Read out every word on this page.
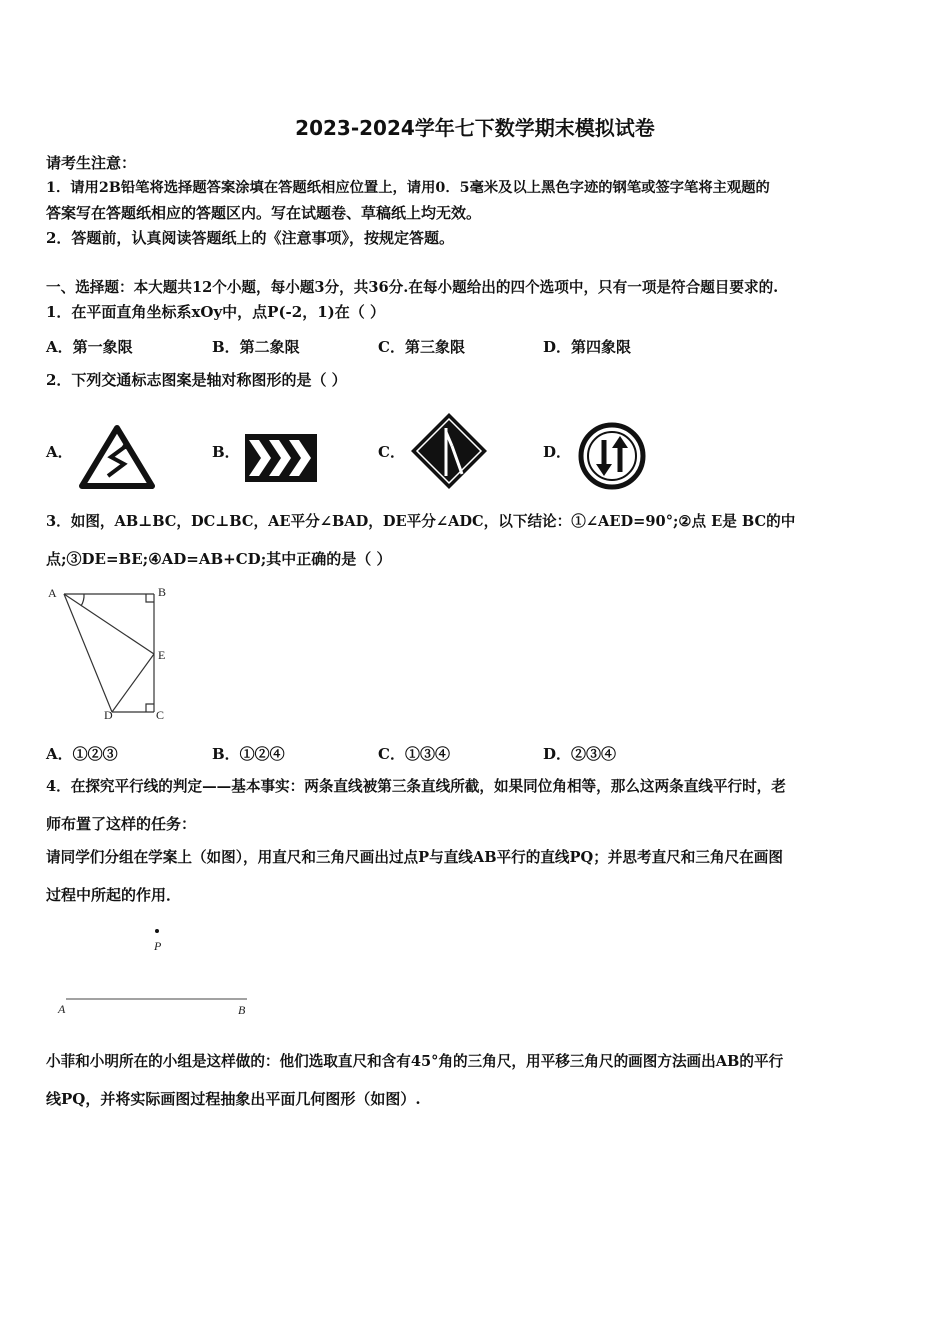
2023-2024学年七下数学期末模拟试卷
请考生注意：
1．请用2B铅笔将选择题答案涂填在答题纸相应位置上，请用0．5毫米及以上黑色字迹的钢笔或签字笔将主观题的
答案写在答题纸相应的答题区内。写在试题卷、草稿纸上均无效。
2．答题前，认真阅读答题纸上的《注意事项》，按规定答题。
一、选择题：本大题共12个小题，每小题3分，共36分.在每小题给出的四个选项中，只有一项是符合题目要求的.
1．在平面直角坐标系xOy中，点P(-2，1)在（ ）
A．第一象限	B．第二象限	C．第三象限	D．第四象限
2．下列交通标志图案是轴对称图形的是（ ）
A．	B．	C．	D．
3．如图，AB⊥BC，DC⊥BC，AE平分∠BAD，DE平分∠ADC，以下结论：①∠AED=90°;②点 E是 BC的中
点;③DE=BE;④AD=AB+CD;其中正确的是（ ）
A	B
E
D	C
A．①②③	B．①②④	C．①③④	D．②③④
4．在探究平行线的判定——基本事实：两条直线被第三条直线所截，如果同位角相等，那么这两条直线平行时，老
师布置了这样的任务：
请同学们分组在学案上（如图），用直尺和三角尺画出过点P与直线AB平行的直线PQ；并思考直尺和三角尺在画图
过程中所起的作用．
P
A	B
小菲和小明所在的小组是这样做的：他们选取直尺和含有45°角的三角尺，用平移三角尺的画图方法画出AB的平行
线PQ，并将实际画图过程抽象出平面几何图形（如图）.
